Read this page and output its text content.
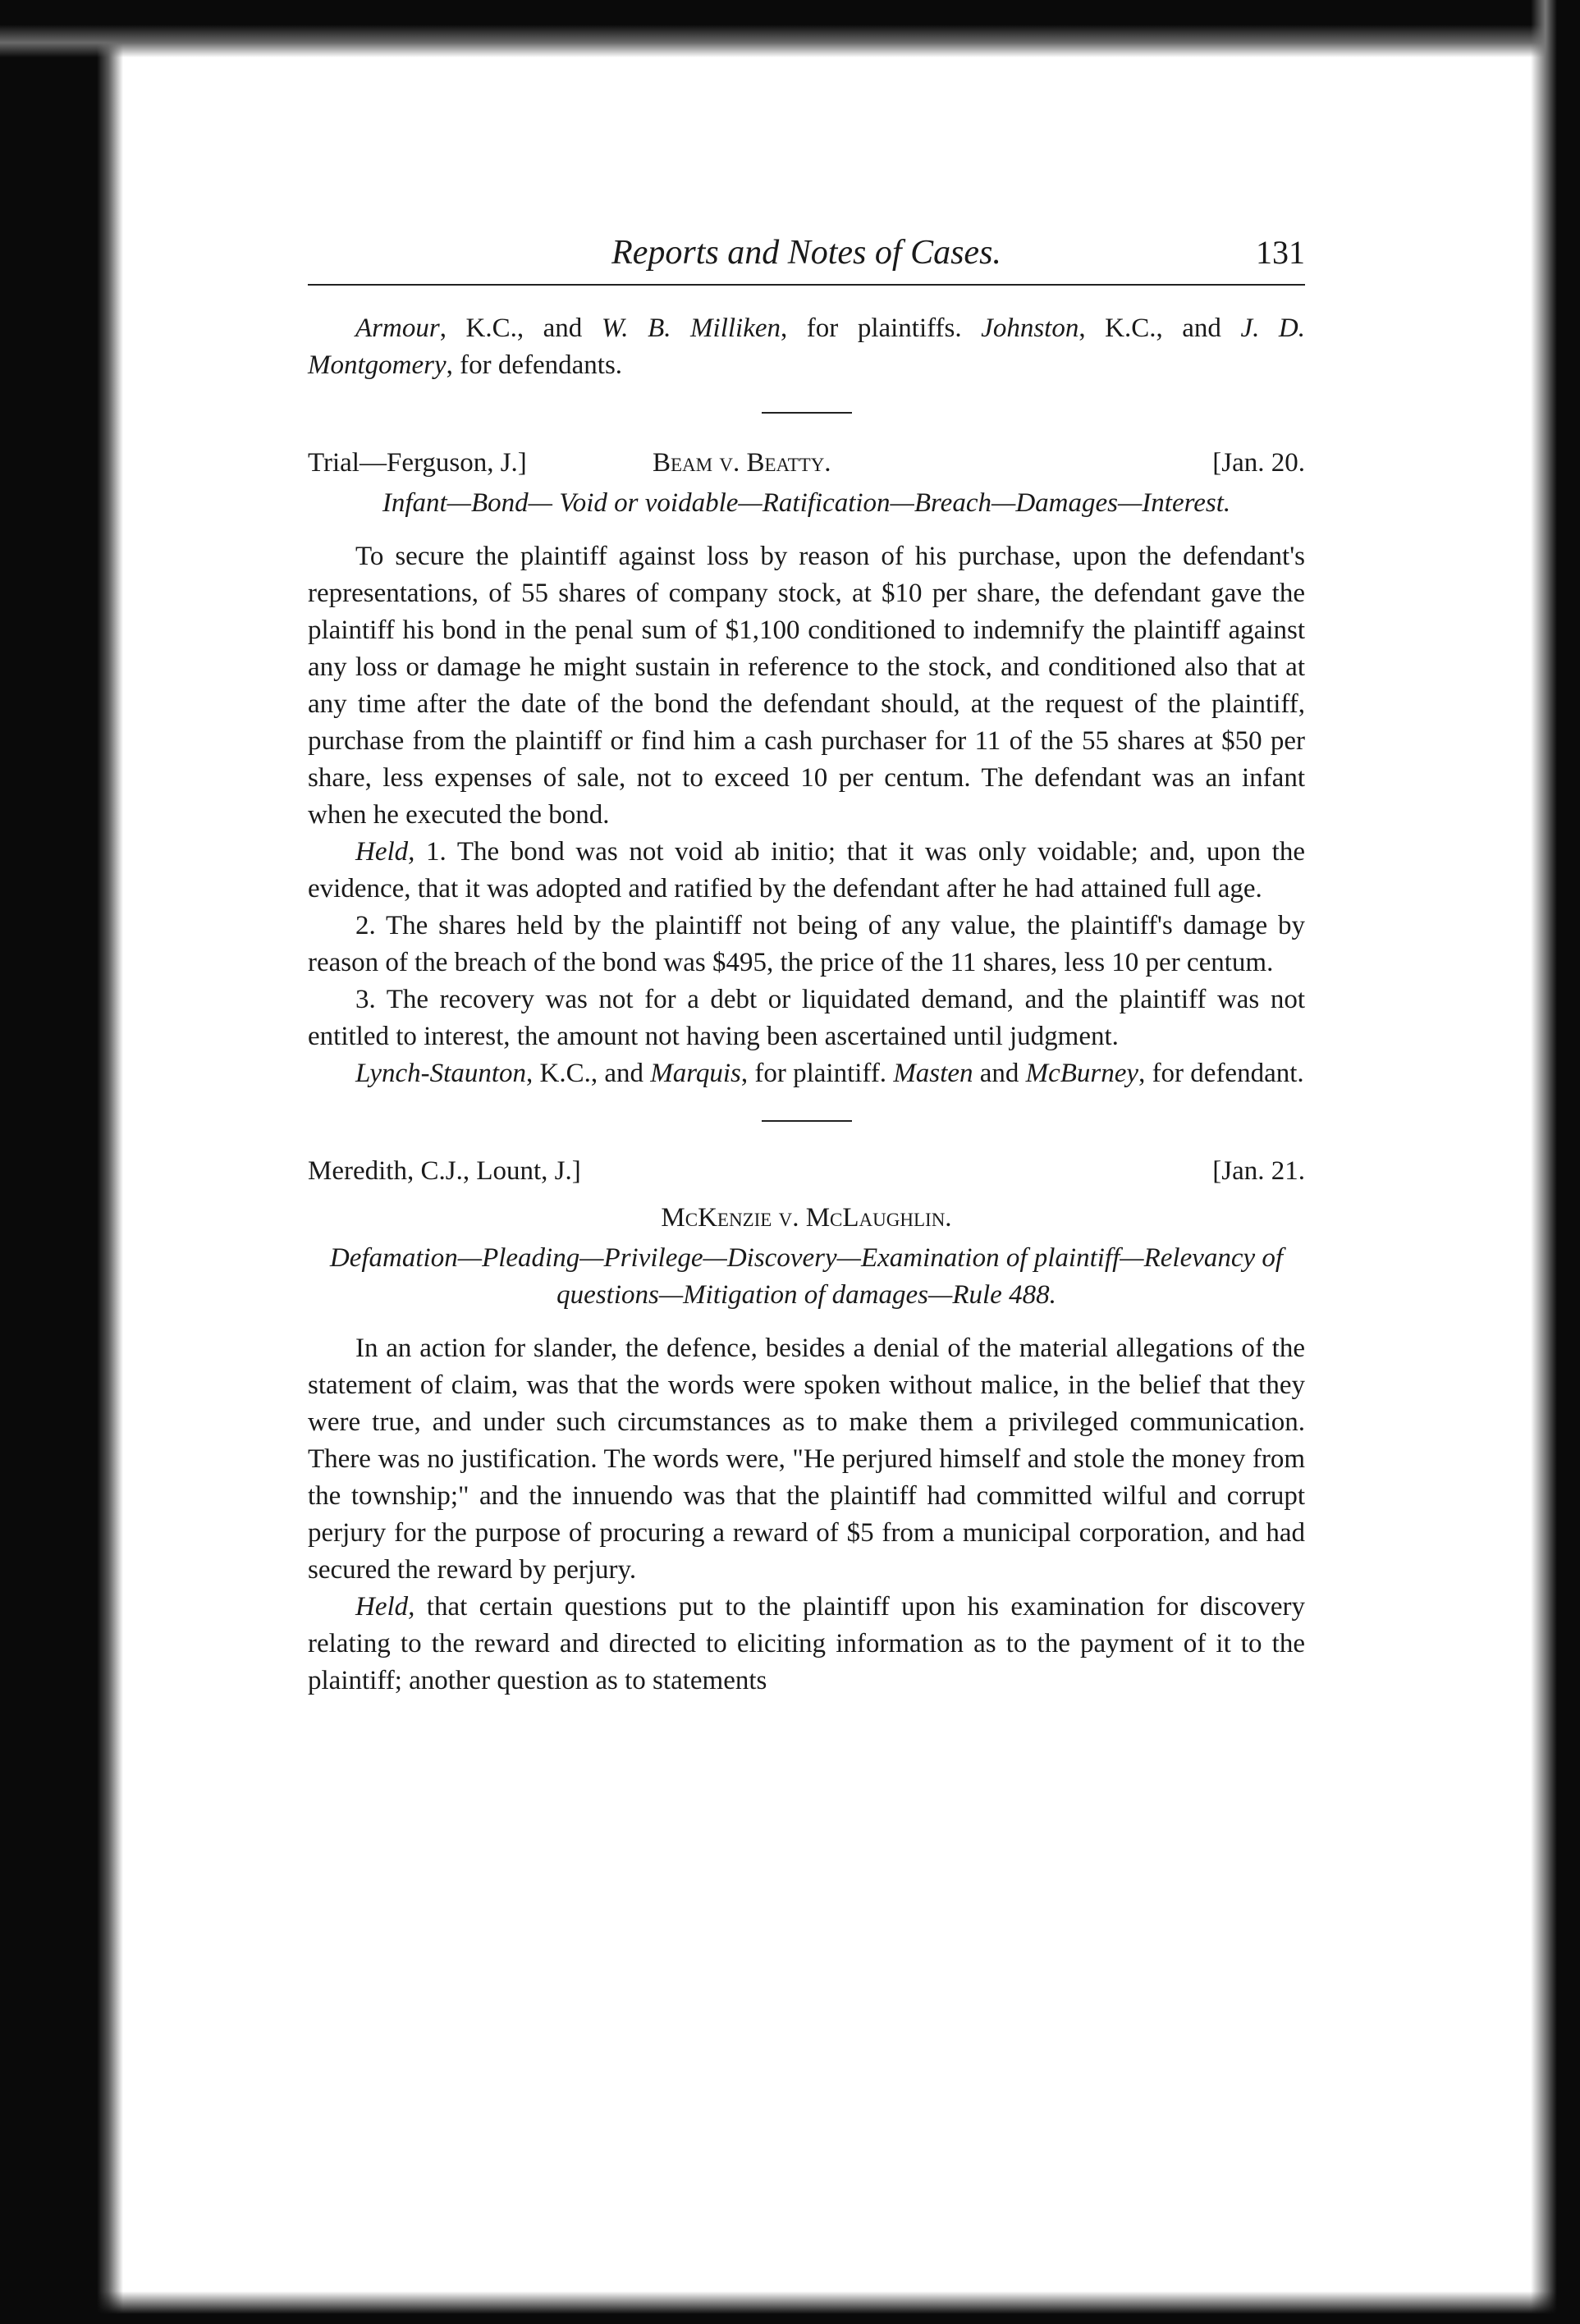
Reports and Notes of Cases.	131

Armour, K.C., and W. B. Milliken, for plaintiffs. Johnston, K.C., and J. D. Montgomery, for defendants.

Trial—Ferguson, J.]	Beam v. Beatty.	[Jan. 20.

Infant—Bond— Void or voidable—Ratification—Breach—Damages—Interest.

To secure the plaintiff against loss by reason of his purchase, upon the defendant's representations, of 55 shares of company stock, at $10 per share, the defendant gave the plaintiff his bond in the penal sum of $1,100 conditioned to indemnify the plaintiff against any loss or damage he might sustain in reference to the stock, and conditioned also that at any time after the date of the bond the defendant should, at the request of the plaintiff, purchase from the plaintiff or find him a cash purchaser for 11 of the 55 shares at $50 per share, less expenses of sale, not to exceed 10 per centum. The defendant was an infant when he executed the bond.

Held, 1. The bond was not void ab initio; that it was only voidable; and, upon the evidence, that it was adopted and ratified by the defendant after he had attained full age.

2. The shares held by the plaintiff not being of any value, the plaintiff's damage by reason of the breach of the bond was $495, the price of the 11 shares, less 10 per centum.

3. The recovery was not for a debt or liquidated demand, and the plaintiff was not entitled to interest, the amount not having been ascertained until judgment.

Lynch-Staunton, K.C., and Marquis, for plaintiff. Masten and McBurney, for defendant.

Meredith, C.J., Lount, J.]	[Jan. 21.

McKenzie v. McLaughlin.

Defamation—Pleading—Privilege—Discovery—Examination of plaintiff—Relevancy of questions—Mitigation of damages—Rule 488.

In an action for slander, the defence, besides a denial of the material allegations of the statement of claim, was that the words were spoken without malice, in the belief that they were true, and under such circumstances as to make them a privileged communication. There was no justification. The words were, "He perjured himself and stole the money from the township;" and the innuendo was that the plaintiff had committed wilful and corrupt perjury for the purpose of procuring a reward of $5 from a municipal corporation, and had secured the reward by perjury.

Held, that certain questions put to the plaintiff upon his examination for discovery relating to the reward and directed to eliciting information as to the payment of it to the plaintiff; another question as to statements
